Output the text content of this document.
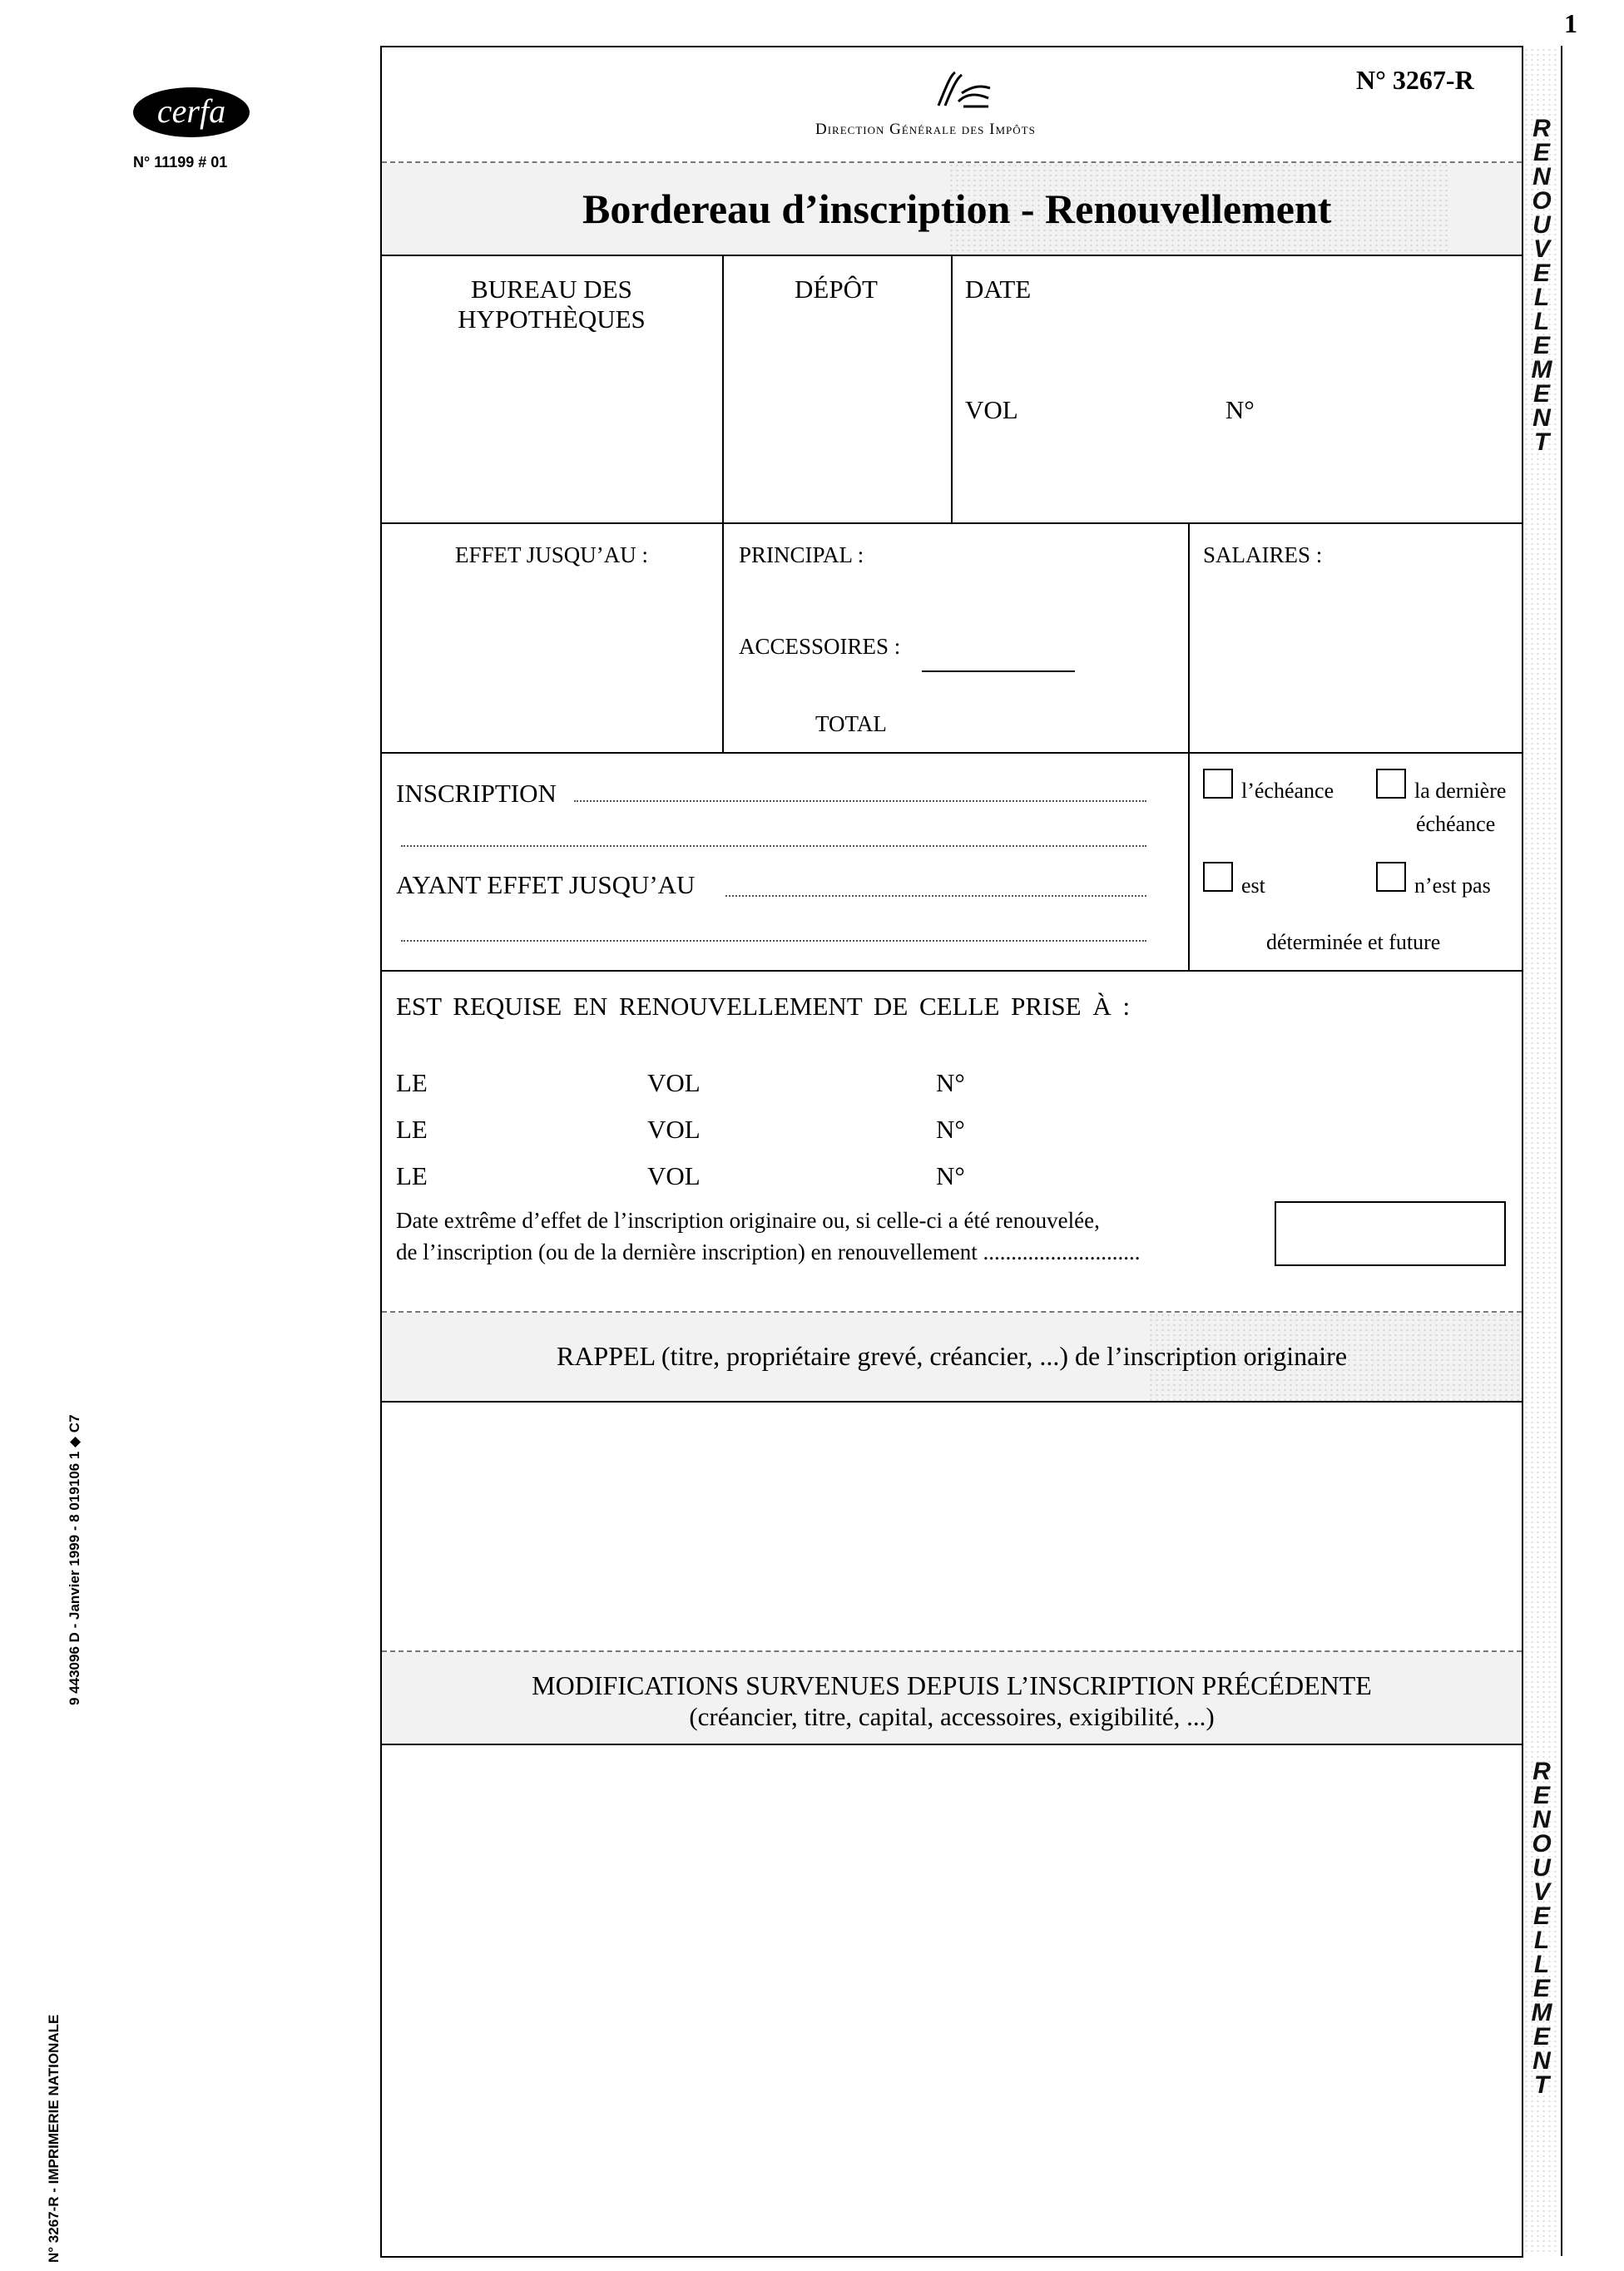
1
cerfa
N° 11199 # 01
N° 3267-R - IMPRIMERIE NATIONALE
9 443096 D - Janvier 1999 - 8 019106 1 ◆ C7
R
E
N
O
U
V
E
L
L
E
M
E
N
T
R
E
N
O
U
V
E
L
L
E
M
E
N
T
Direction Générale des Impôts
N° 3267-R
Bordereau d’inscription - Renouvellement
BUREAU DES
HYPOTHÈQUES
DÉPÔT	DATE
VOL	N°
EFFET JUSQU’AU :	PRINCIPAL :
ACCESSOIRES :
TOTAL
SALAIRES :
INSCRIPTION
AYANT EFFET JUSQU’AU
l’échéance	la dernière
échéance
est	n’est pas
déterminée et future
EST REQUISE EN RENOUVELLEMENT DE CELLE PRISE À :
LE	VOL	N°
LE	VOL	N°
LE	VOL	N°
Date extrême d’effet de l’inscription originaire ou, si celle-ci a été renouvelée,
de l’inscription (ou de la dernière inscription) en renouvellement ............................
RAPPEL (titre, propriétaire grevé, créancier, ...) de l’inscription originaire
MODIFICATIONS SURVENUES DEPUIS L’INSCRIPTION PRÉCÉDENTE
(créancier, titre, capital, accessoires, exigibilité, ...)
